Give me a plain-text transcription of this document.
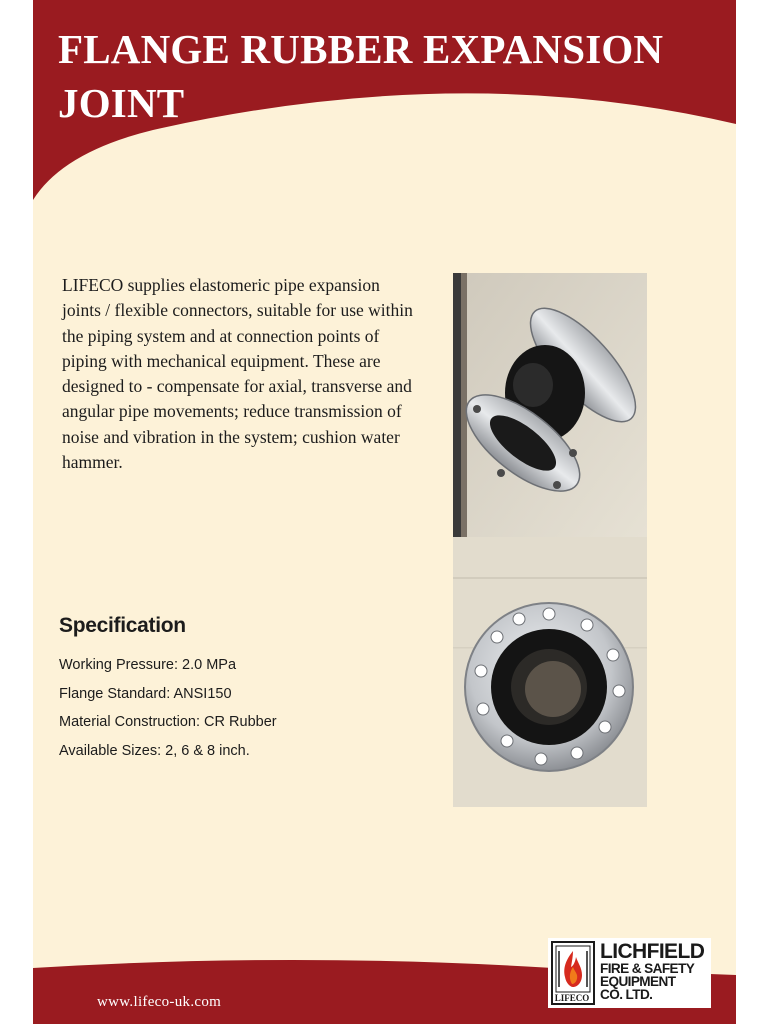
FLANGE RUBBER EXPANSION JOINT

LIFECO supplies elastomeric pipe expansion joints / flexible connectors, suitable for use within the piping system and at connection points of piping with mechanical equipment. These are designed to - compensate for axial, transverse and angular pipe movements; reduce transmission of noise and vibration in the system; cushion water hammer.

Specification
Working Pressure: 2.0 MPa
Flange Standard: ANSI150
Material Construction: CR Rubber
Available Sizes: 2, 6 & 8 inch.

www.lifeco-uk.com	LIFECO
LICHFIELD
FIRE & SAFETY
EQUIPMENT
CO. LTD.
